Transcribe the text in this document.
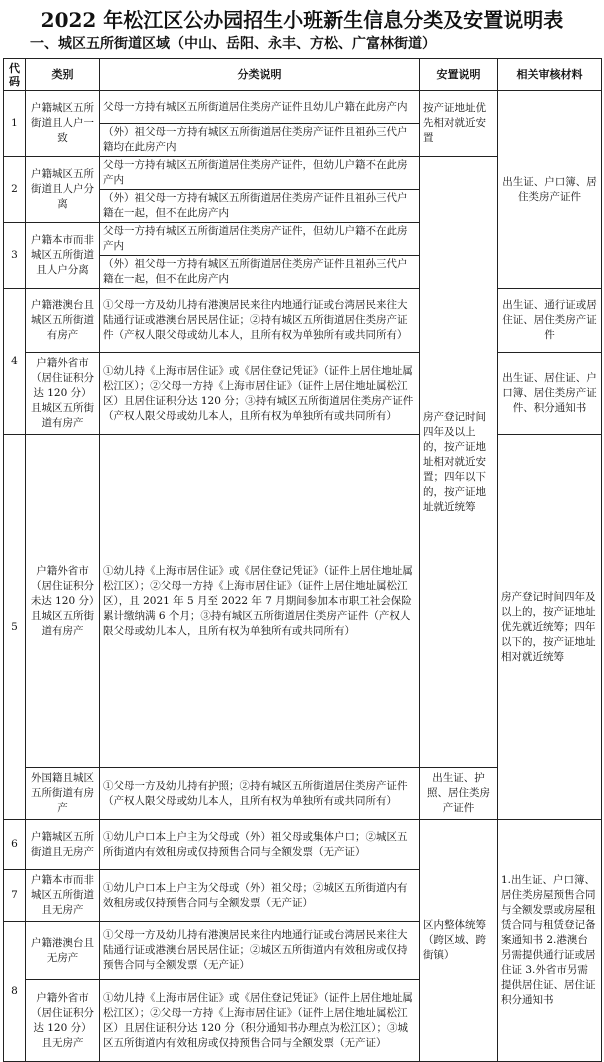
2022 年松江区公办园招生小班新生信息分类及安置说明表
一、城区五所街道区域（中山、岳阳、永丰、方松、广富林街道）
代码	类别	分类说明	安置说明	相关审核材料	
1	户籍城区五所街道且人户一致	父母一方持有城区五所街道居住类房产证件且幼儿户籍在此房产内	按产证地址优先相对就近安置	出生证、户口簿、居住类房产证件	
		（外）祖父母一方持有城区五所街道居住类房产证件且祖孙三代户籍均在此房产内			
2	户籍城区五所街道且人户分离	父母一方持有城区五所街道居住类房产证件，但幼儿户籍不在此房产内	房产登记时间四年及以上的，按产证地址相对就近安置；四年以下的，按产证地址就近统筹		
		（外）祖父母一方持有城区五所街道居住类房产证件且祖孙三代户籍在一起，但不在此房产内			
3	户籍本市而非城区五所街道且人户分离	父母一方持有城区五所街道居住类房产证件，但幼儿户籍不在此房产内			
		（外）祖父母一方持有城区五所街道居住类房产证件且祖孙三代户籍在一起，但不在此房产内			
4	户籍港澳台且城区五所街道有房产	①父母一方及幼儿持有港澳居民来往内地通行证或台湾居民来往大陆通行证或港澳台居民居住证；②持有城区五所街道居住类房产证件（产权人限父母或幼儿本人，且所有权为单独所有或共同所有）		出生证、通行证或居住证、居住类房产证件	
	户籍外省市（居住证积分达 120 分）且城区五所街道有房产	①幼儿持《上海市居住证》或《居住登记凭证》（证件上居住地址属松江区）；②父母一方持《上海市居住证》（证件上居住地址属松江区）且居住证积分达 120 分；③持有城区五所街道居住类房产证件（产权人限父母或幼儿本人，且所有权为单独所有或共同所有）		出生证、居住证、户口簿、居住类房产证件、积分通知书	
5	户籍外省市（居住证积分未达 120 分）且城区五所街道有房产	①幼儿持《上海市居住证》或《居住登记凭证》（证件上居住地址属松江区）；②父母一方持《上海市居住证》（证件上居住地址属松江区），且 2021 年 5 月至 2022 年 7 月期间参加本市职工社会保险累计缴纳满 6 个月；③持有城区五所街道居住类房产证件（产权人限父母或幼儿本人，且所有权为单独所有或共同所有）		房产登记时间四年及以上的，按产证地址优先就近统筹；四年以下的，按产证地址相对就近统筹	
	外国籍且城区五所街道有房产	①父母一方及幼儿持有护照；②持有城区五所街道居住类房产证件（产权人限父母或幼儿本人，且所有权为单独所有或共同所有）	出生证、护照、居住类房产证件		
6	户籍城区五所街道且无房产	①幼儿户口本上户主为父母或（外）祖父母或集体户口；②城区五所街道内有效租房或仅持预售合同与全额发票（无产证）	区内整体统筹（跨区域、跨街镇）	1.出生证、户口簿、居住类房屋预售合同与全额发票或房屋租赁合同与租赁登记备案通知书 2.港澳台另需提供通行证或居住证 3.外省市另需提供居住证、居住证积分通知书	
7	户籍本市而非城区五所街道且无房产	①幼儿户口本上户主为父母或（外）祖父母；②城区五所街道内有效租房或仅持预售合同与全额发票（无产证）			
8	户籍港澳台且无房产	①父母一方及幼儿持有港澳居民来往内地通行证或台湾居民来往大陆通行证或港澳台居民居住证；②城区五所街道内有效租房或仅持预售合同与全额发票（无产证）			
	户籍外省市（居住证积分达 120 分）且无房产	①幼儿持《上海市居住证》或《居住登记凭证》（证件上居住地址属松江区）；②父母一方持《上海市居住证》（证件上居住地址属松江区）且居住证积分达 120 分（积分通知书办理点为松江区）；③城区五所街道内有效租房或仅持预售合同与全额发票（无产证）			
